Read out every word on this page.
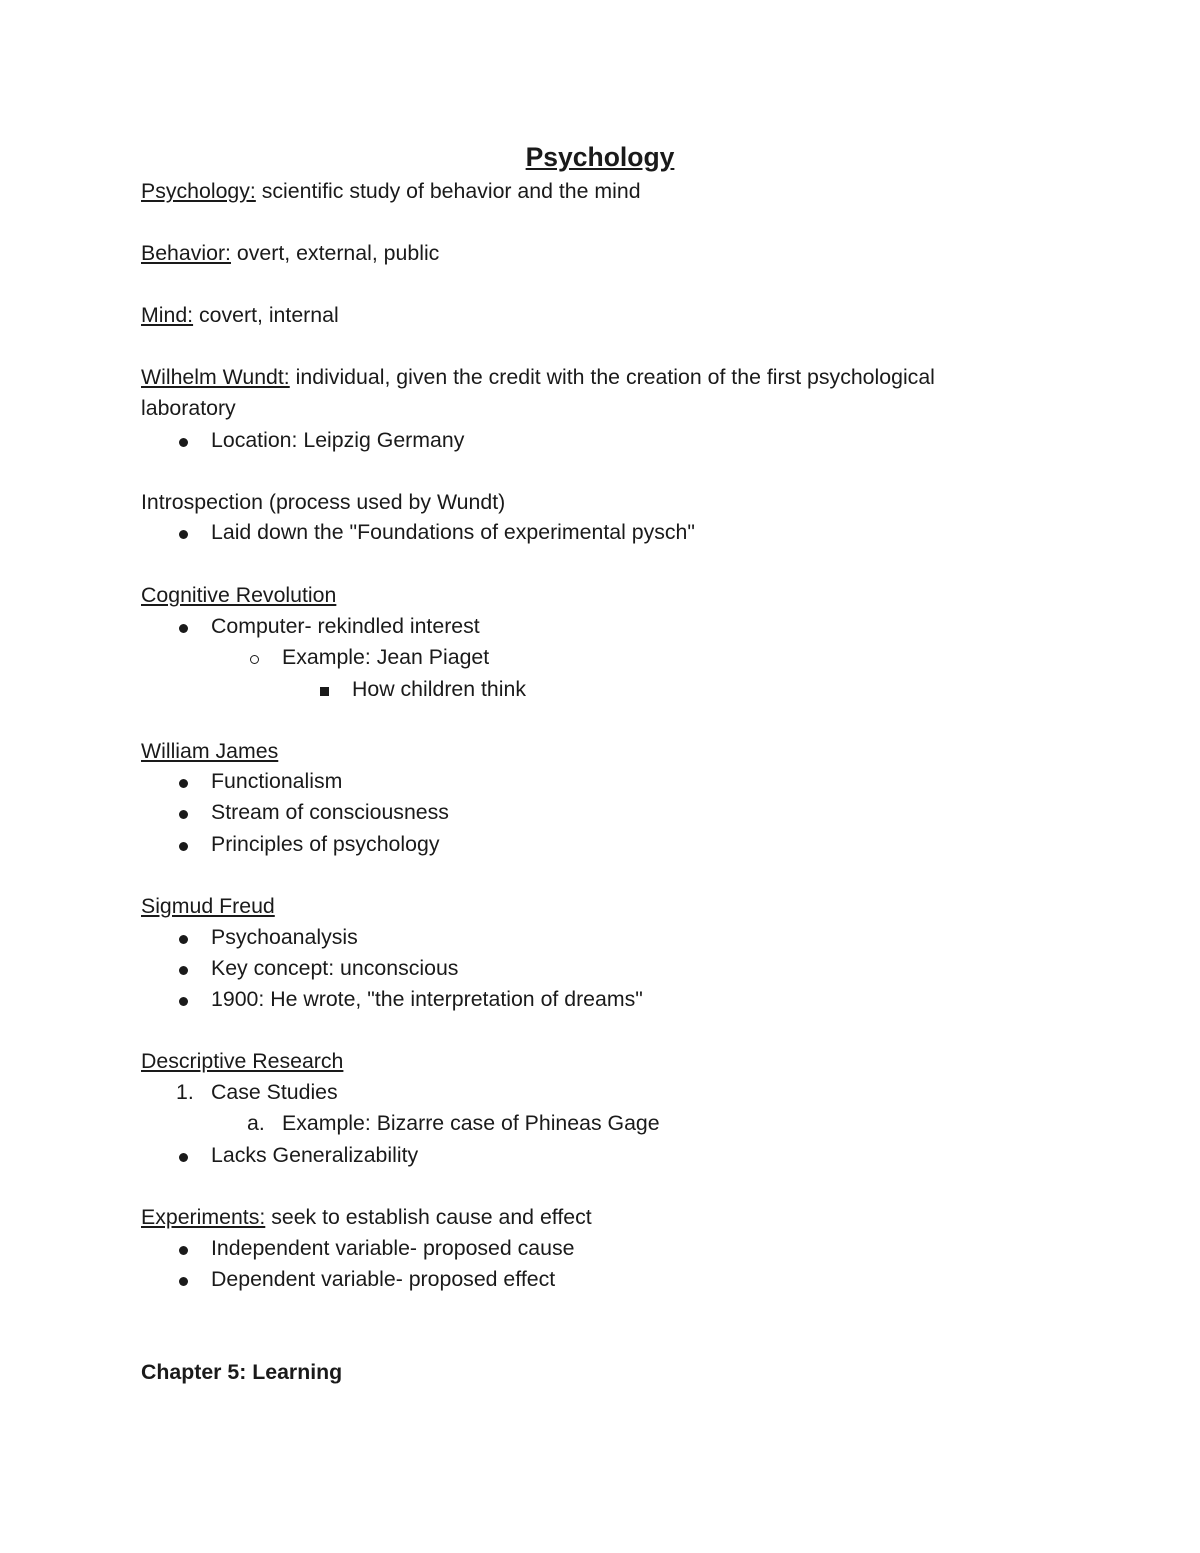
Psychology
Psychology: scientific study of behavior and the mind
Behavior: overt, external, public
Mind: covert, internal
Wilhelm Wundt: individual, given the credit with the creation of the first psychological
laboratory
Location: Leipzig Germany
Introspection (process used by Wundt)
Laid down the "Foundations of experimental pysch"
Cognitive Revolution
Computer- rekindled interest
Example: Jean Piaget
How children think
William James
Functionalism
Stream of consciousness
Principles of psychology
Sigmud Freud
Psychoanalysis
Key concept: unconscious
1900: He wrote, "the interpretation of dreams"
Descriptive Research
1. Case Studies
a. Example: Bizarre case of Phineas Gage
Lacks Generalizability
Experiments: seek to establish cause and effect
Independent variable- proposed cause
Dependent variable- proposed effect
Chapter 5: Learning
